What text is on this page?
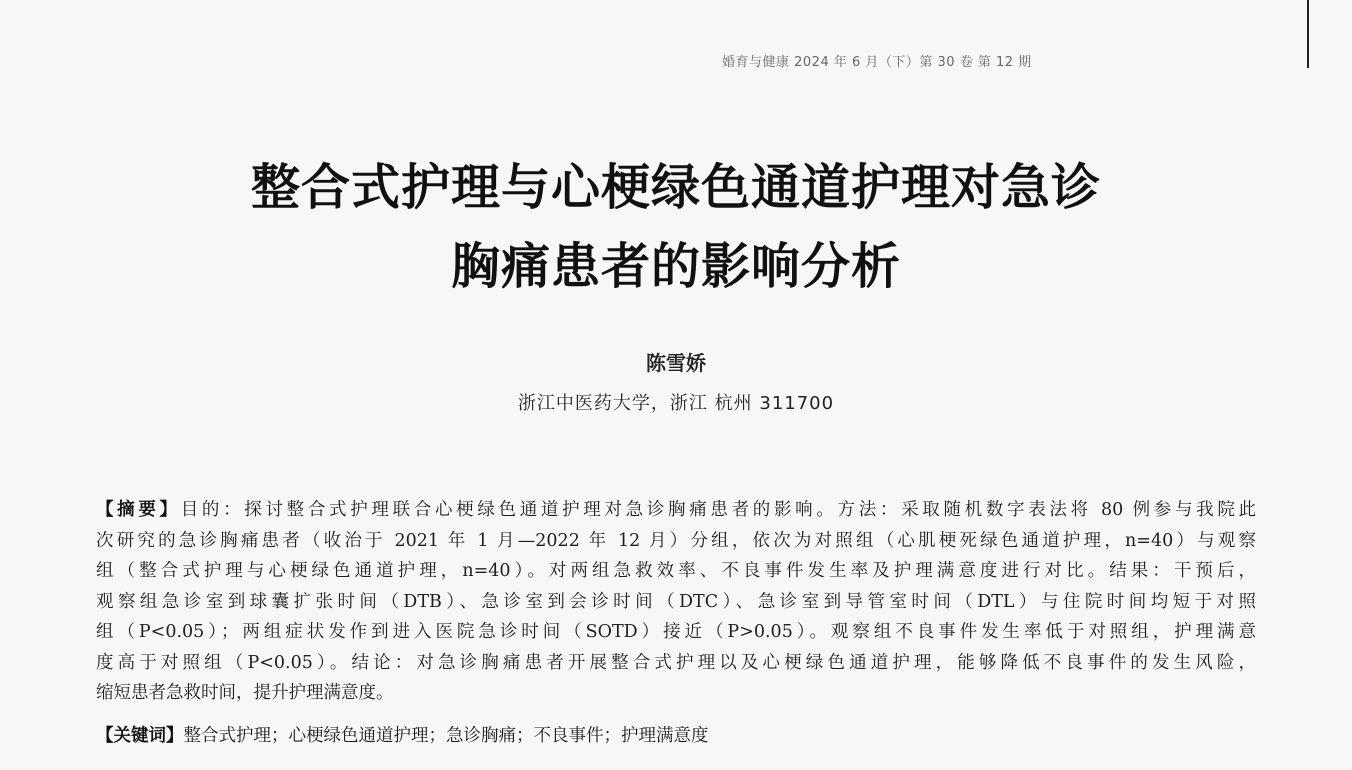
婚育与健康 2024 年 6 月（下）第 30 卷 第 12 期
整合式护理与心梗绿色通道护理对急诊
胸痛患者的影响分析
陈雪娇
浙江中医药大学，浙江 杭州 311700
【摘要】目的：探讨整合式护理联合心梗绿色通道护理对急诊胸痛患者的影响。方法：采取随机数字表法将 80 例参与我院此
次研究的急诊胸痛患者（收治于 2021 年 1 月—2022 年 12 月）分组，依次为对照组（心肌梗死绿色通道护理，n=40）与观察
组（整合式护理与心梗绿色通道护理，n=40）。对两组急救效率、不良事件发生率及护理满意度进行对比。结果：干预后，
观察组急诊室到球囊扩张时间（DTB）、急诊室到会诊时间（DTC）、急诊室到导管室时间（DTL）与住院时间均短于对照
组（P<0.05）；两组症状发作到进入医院急诊时间（SOTD）接近（P>0.05）。观察组不良事件发生率低于对照组，护理满意
度高于对照组（P<0.05）。结论：对急诊胸痛患者开展整合式护理以及心梗绿色通道护理，能够降低不良事件的发生风险，
缩短患者急救时间，提升护理满意度。
【关键词】整合式护理；心梗绿色通道护理；急诊胸痛；不良事件；护理满意度
